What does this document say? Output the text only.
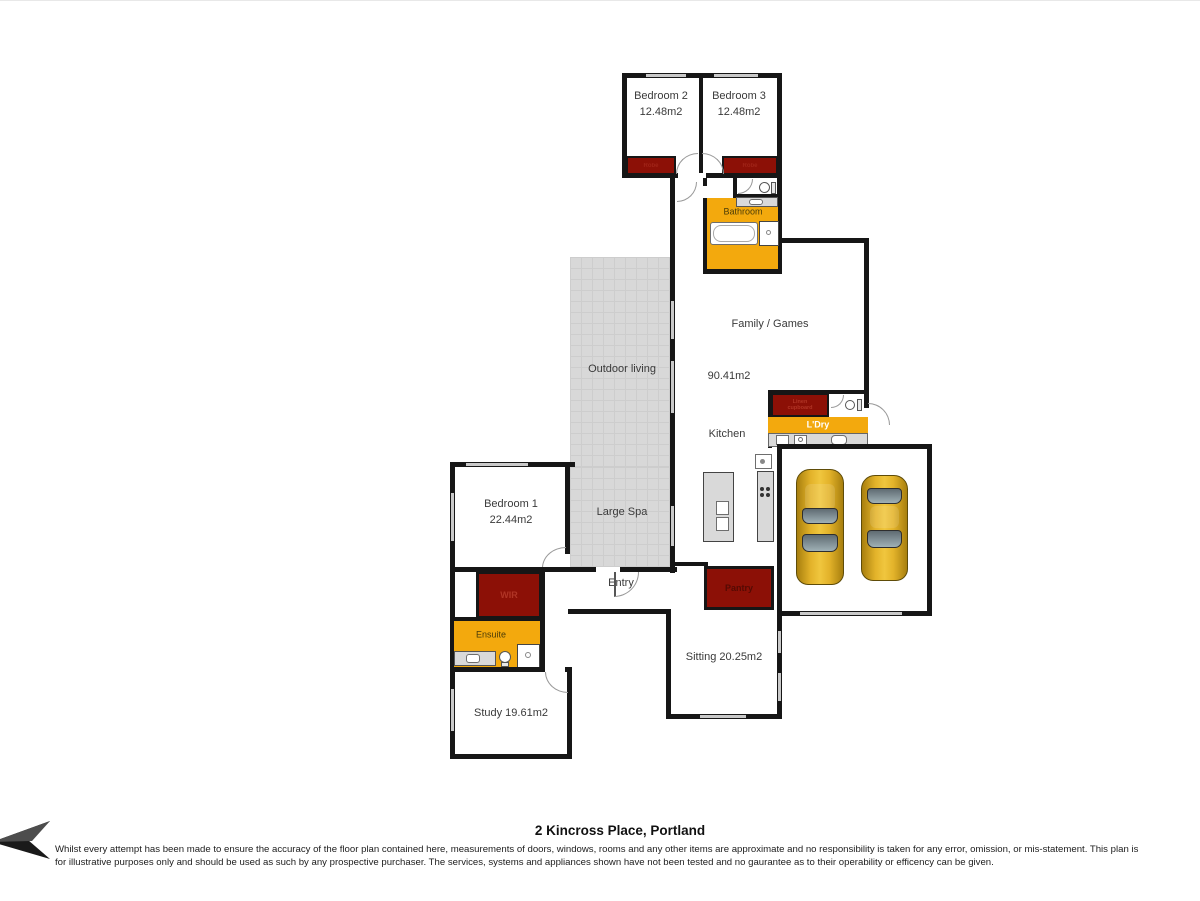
Robe	Robe
Bedroom 2
12.48m2
Bedroom 3
12.48m2
Bathroom
Family / Games
90.41m2
Kitchen
Outdoor living
Linen
cupboard
L'Dry
Pantry
Sitting 20.25m2
Entry
Bedroom 1
22.44m2
Large Spa
WIR
Ensuite
Study 19.61m2
2 Kincross Place, Portland
Whilst every attempt has been made to ensure the accuracy of the floor plan contained here, measurements of doors, windows, rooms and any other items are approximate and no responsibility is taken for any error, omission, or mis-statement. This plan is for illustrative purposes only and should be used as such by any prospective purchaser. The services, systems and appliances shown have not been tested and no gaurantee as to their operability or efficency can be given.
